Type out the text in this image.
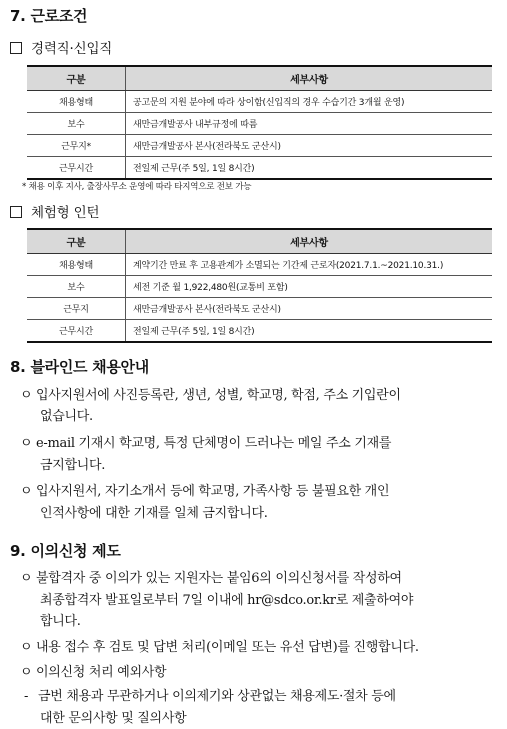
7. 근로조건
경력직·신입직
구분	세부사항
채용형태	공고문의 지원 분야에 따라 상이함(신입직의 경우 수습기간 3개월 운영)
보수	새만금개발공사 내부규정에 따름
근무지*	새만금개발공사 본사(전라북도 군산시)
근무시간	전일제 근무(주 5일, 1일 8시간)
* 채용 이후 지사, 출장사무소 운영에 따라 타지역으로 전보 가능
체험형 인턴
구분	세부사항
채용형태	계약기간 만료 후 고용관계가 소멸되는 기간제 근로자(2021.7.1.~2021.10.31.)
보수	세전 기준 월 1,922,480원(교통비 포함)
근무지	새만금개발공사 본사(전라북도 군산시)
근무시간	전일제 근무(주 5일, 1일 8시간)
8. 블라인드 채용안내
ㅇ 입사지원서에 사진등록란, 생년, 성별, 학교명, 학점, 주소 기입란이
없습니다.
ㅇ e-mail 기재시 학교명, 특정 단체명이 드러나는 메일 주소 기재를
금지합니다.
ㅇ 입사지원서, 자기소개서 등에 학교명, 가족사항 등 불필요한 개인
인적사항에 대한 기재를 일체 금지합니다.
9. 이의신청 제도
ㅇ 불합격자 중 이의가 있는 지원자는 붙임6의 이의신청서를 작성하여
최종합격자 발표일로부터 7일 이내에 hr@sdco.or.kr로 제출하여야
합니다.
ㅇ 내용 접수 후 검토 및 답변 처리(이메일 또는 유선 답변)를 진행합니다.
ㅇ 이의신청 처리 예외사항
- 금번 채용과 무관하거나 이의제기와 상관없는 채용제도·절차 등에
대한 문의사항 및 질의사항
